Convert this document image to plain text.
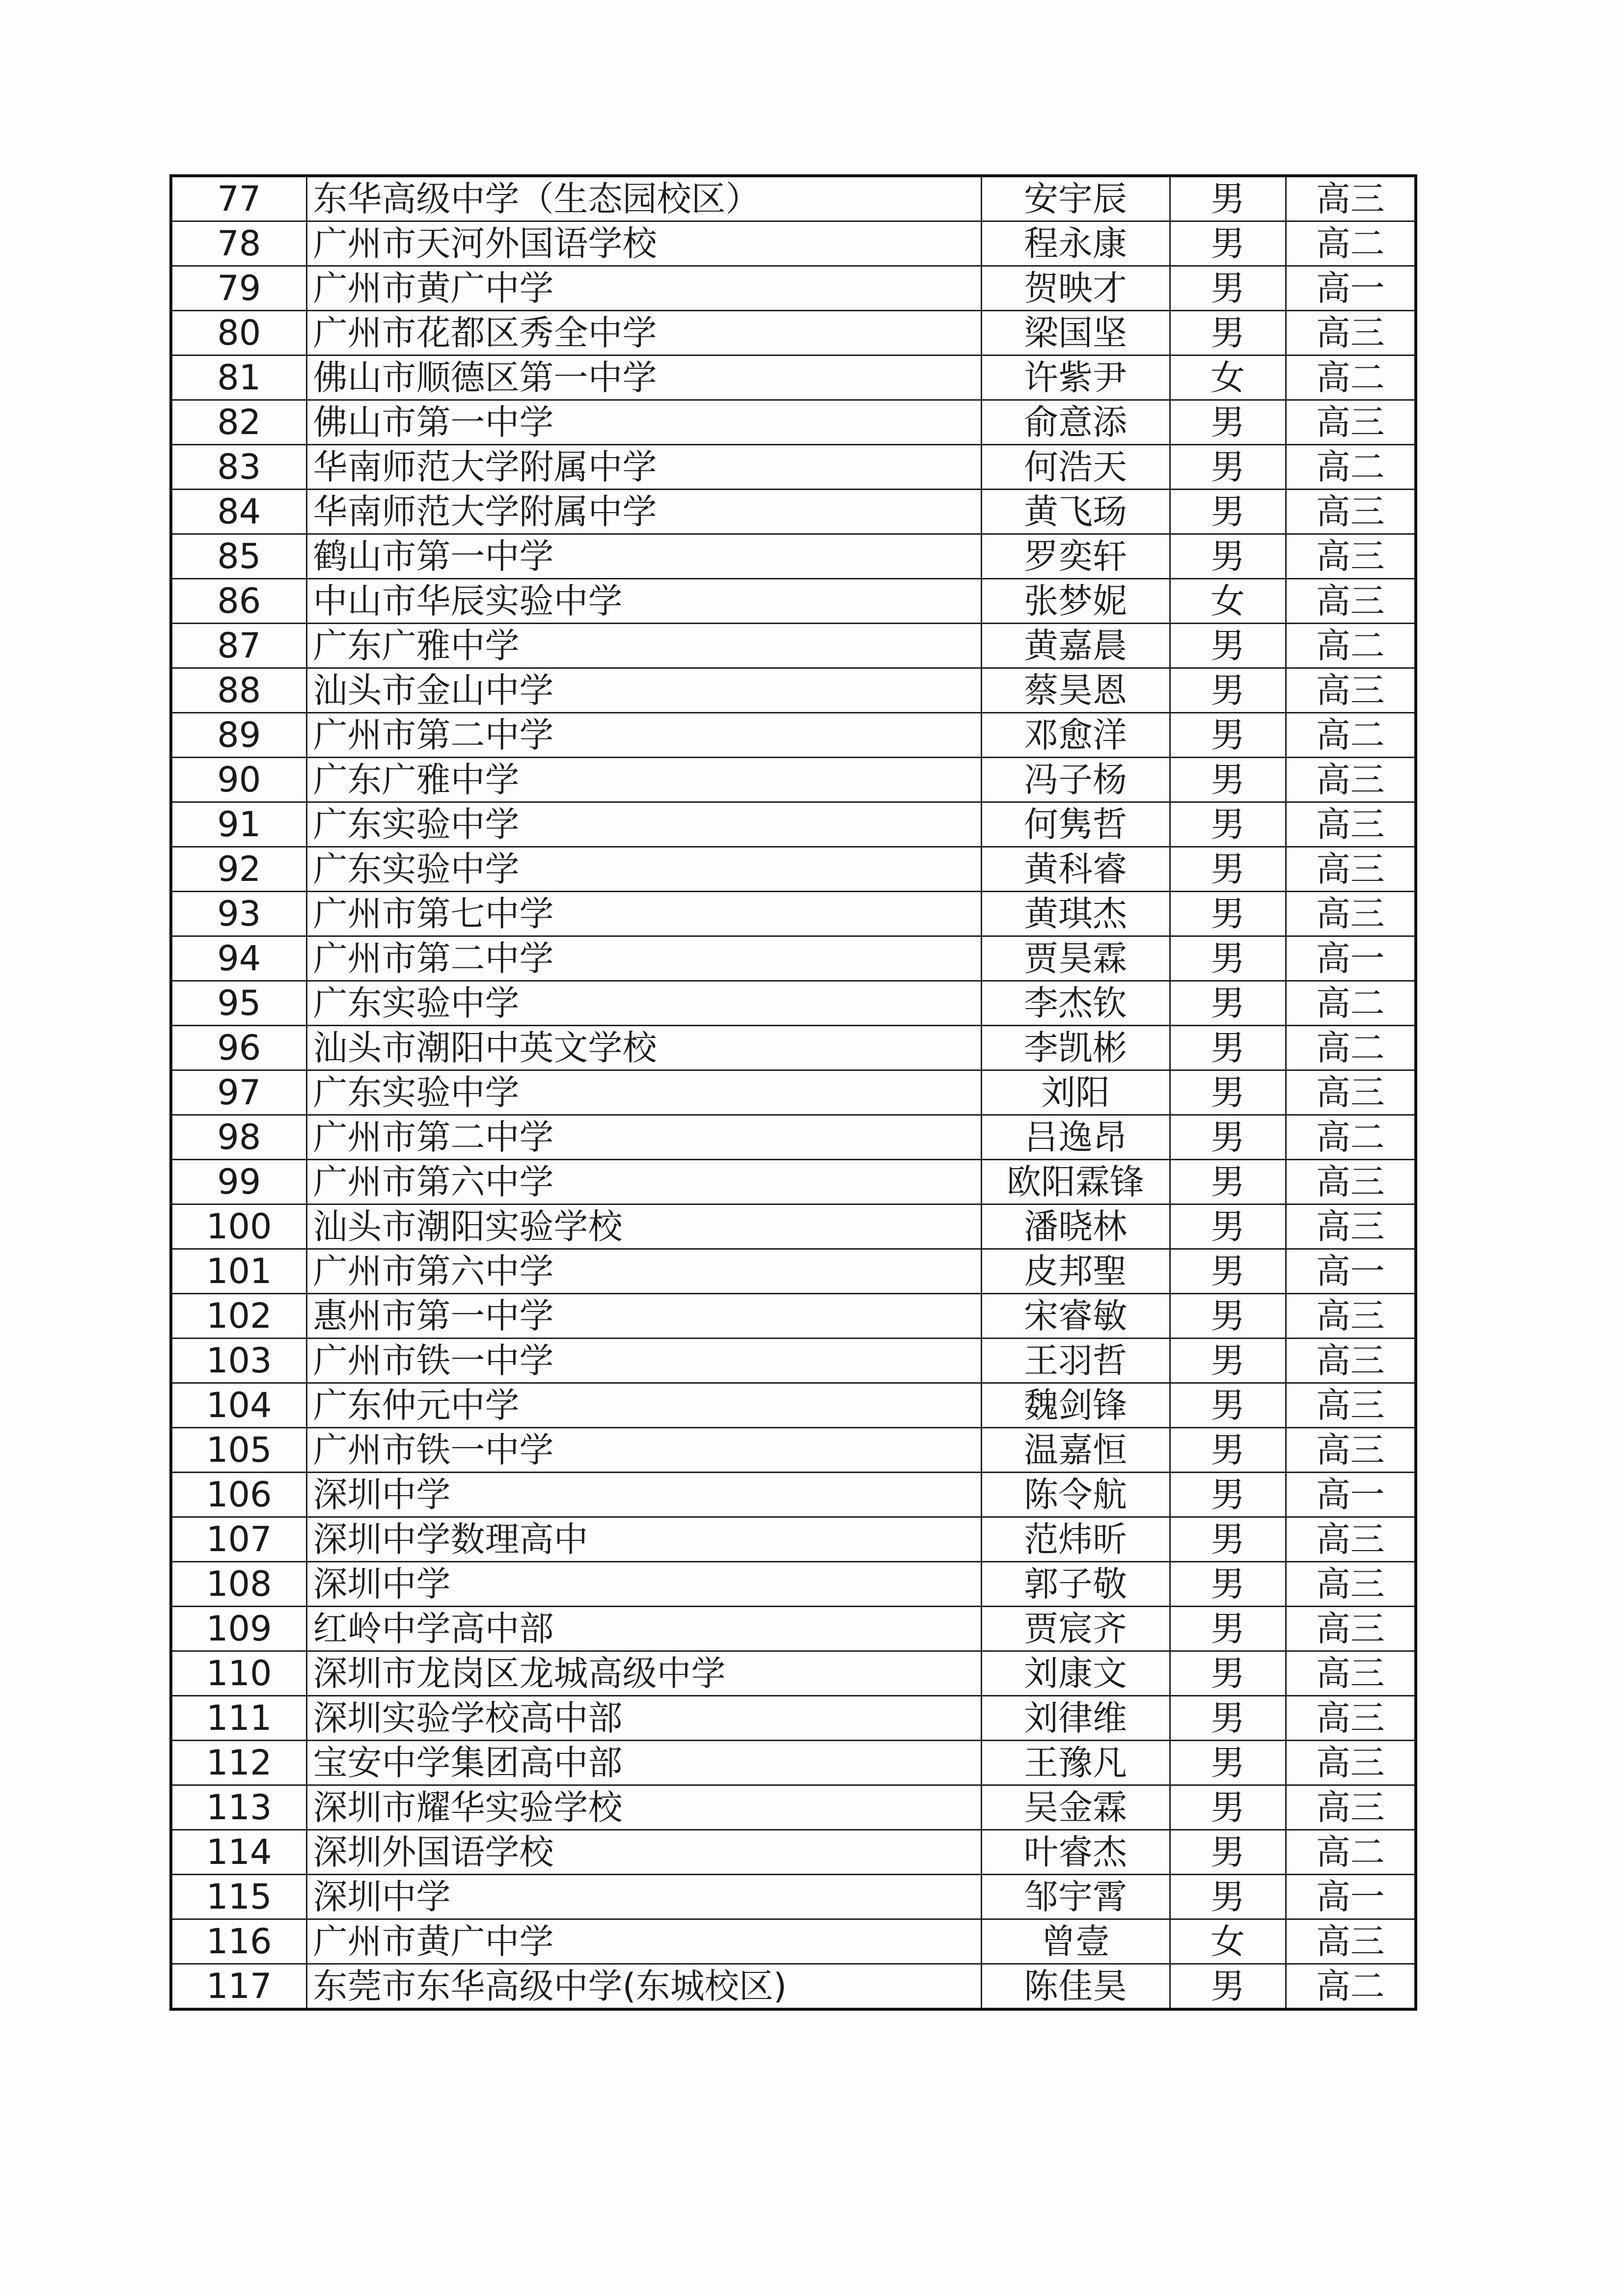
77	东华高级中学（生态园校区）	安宇辰	男	高三
78	广州市天河外国语学校	程永康	男	高二
79	广州市黄广中学	贺映才	男	高一
80	广州市花都区秀全中学	梁国坚	男	高三
81	佛山市顺德区第一中学	许紫尹	女	高二
82	佛山市第一中学	俞意添	男	高三
83	华南师范大学附属中学	何浩天	男	高二
84	华南师范大学附属中学	黄飞玚	男	高三
85	鹤山市第一中学	罗奕轩	男	高三
86	中山市华辰实验中学	张梦妮	女	高三
87	广东广雅中学	黄嘉晨	男	高二
88	汕头市金山中学	蔡昊恩	男	高三
89	广州市第二中学	邓愈洋	男	高二
90	广东广雅中学	冯子杨	男	高三
91	广东实验中学	何隽哲	男	高三
92	广东实验中学	黄科睿	男	高三
93	广州市第七中学	黄琪杰	男	高三
94	广州市第二中学	贾昊霖	男	高一
95	广东实验中学	李杰钦	男	高二
96	汕头市潮阳中英文学校	李凯彬	男	高二
97	广东实验中学	刘阳	男	高三
98	广州市第二中学	吕逸昂	男	高二
99	广州市第六中学	欧阳霖锋	男	高三
100	汕头市潮阳实验学校	潘晓林	男	高三
101	广州市第六中学	皮邦聖	男	高一
102	惠州市第一中学	宋睿敏	男	高三
103	广州市铁一中学	王羽哲	男	高三
104	广东仲元中学	魏剑锋	男	高三
105	广州市铁一中学	温嘉恒	男	高三
106	深圳中学	陈令航	男	高一
107	深圳中学数理高中	范炜昕	男	高三
108	深圳中学	郭子敬	男	高三
109	红岭中学高中部	贾宸齐	男	高三
110	深圳市龙岗区龙城高级中学	刘康文	男	高三
111	深圳实验学校高中部	刘律维	男	高三
112	宝安中学集团高中部	王豫凡	男	高三
113	深圳市耀华实验学校	吴金霖	男	高三
114	深圳外国语学校	叶睿杰	男	高二
115	深圳中学	邹宇霄	男	高一
116	广州市黄广中学	曾壹	女	高三
117	东莞市东华高级中学(东城校区)	陈佳昊	男	高二
